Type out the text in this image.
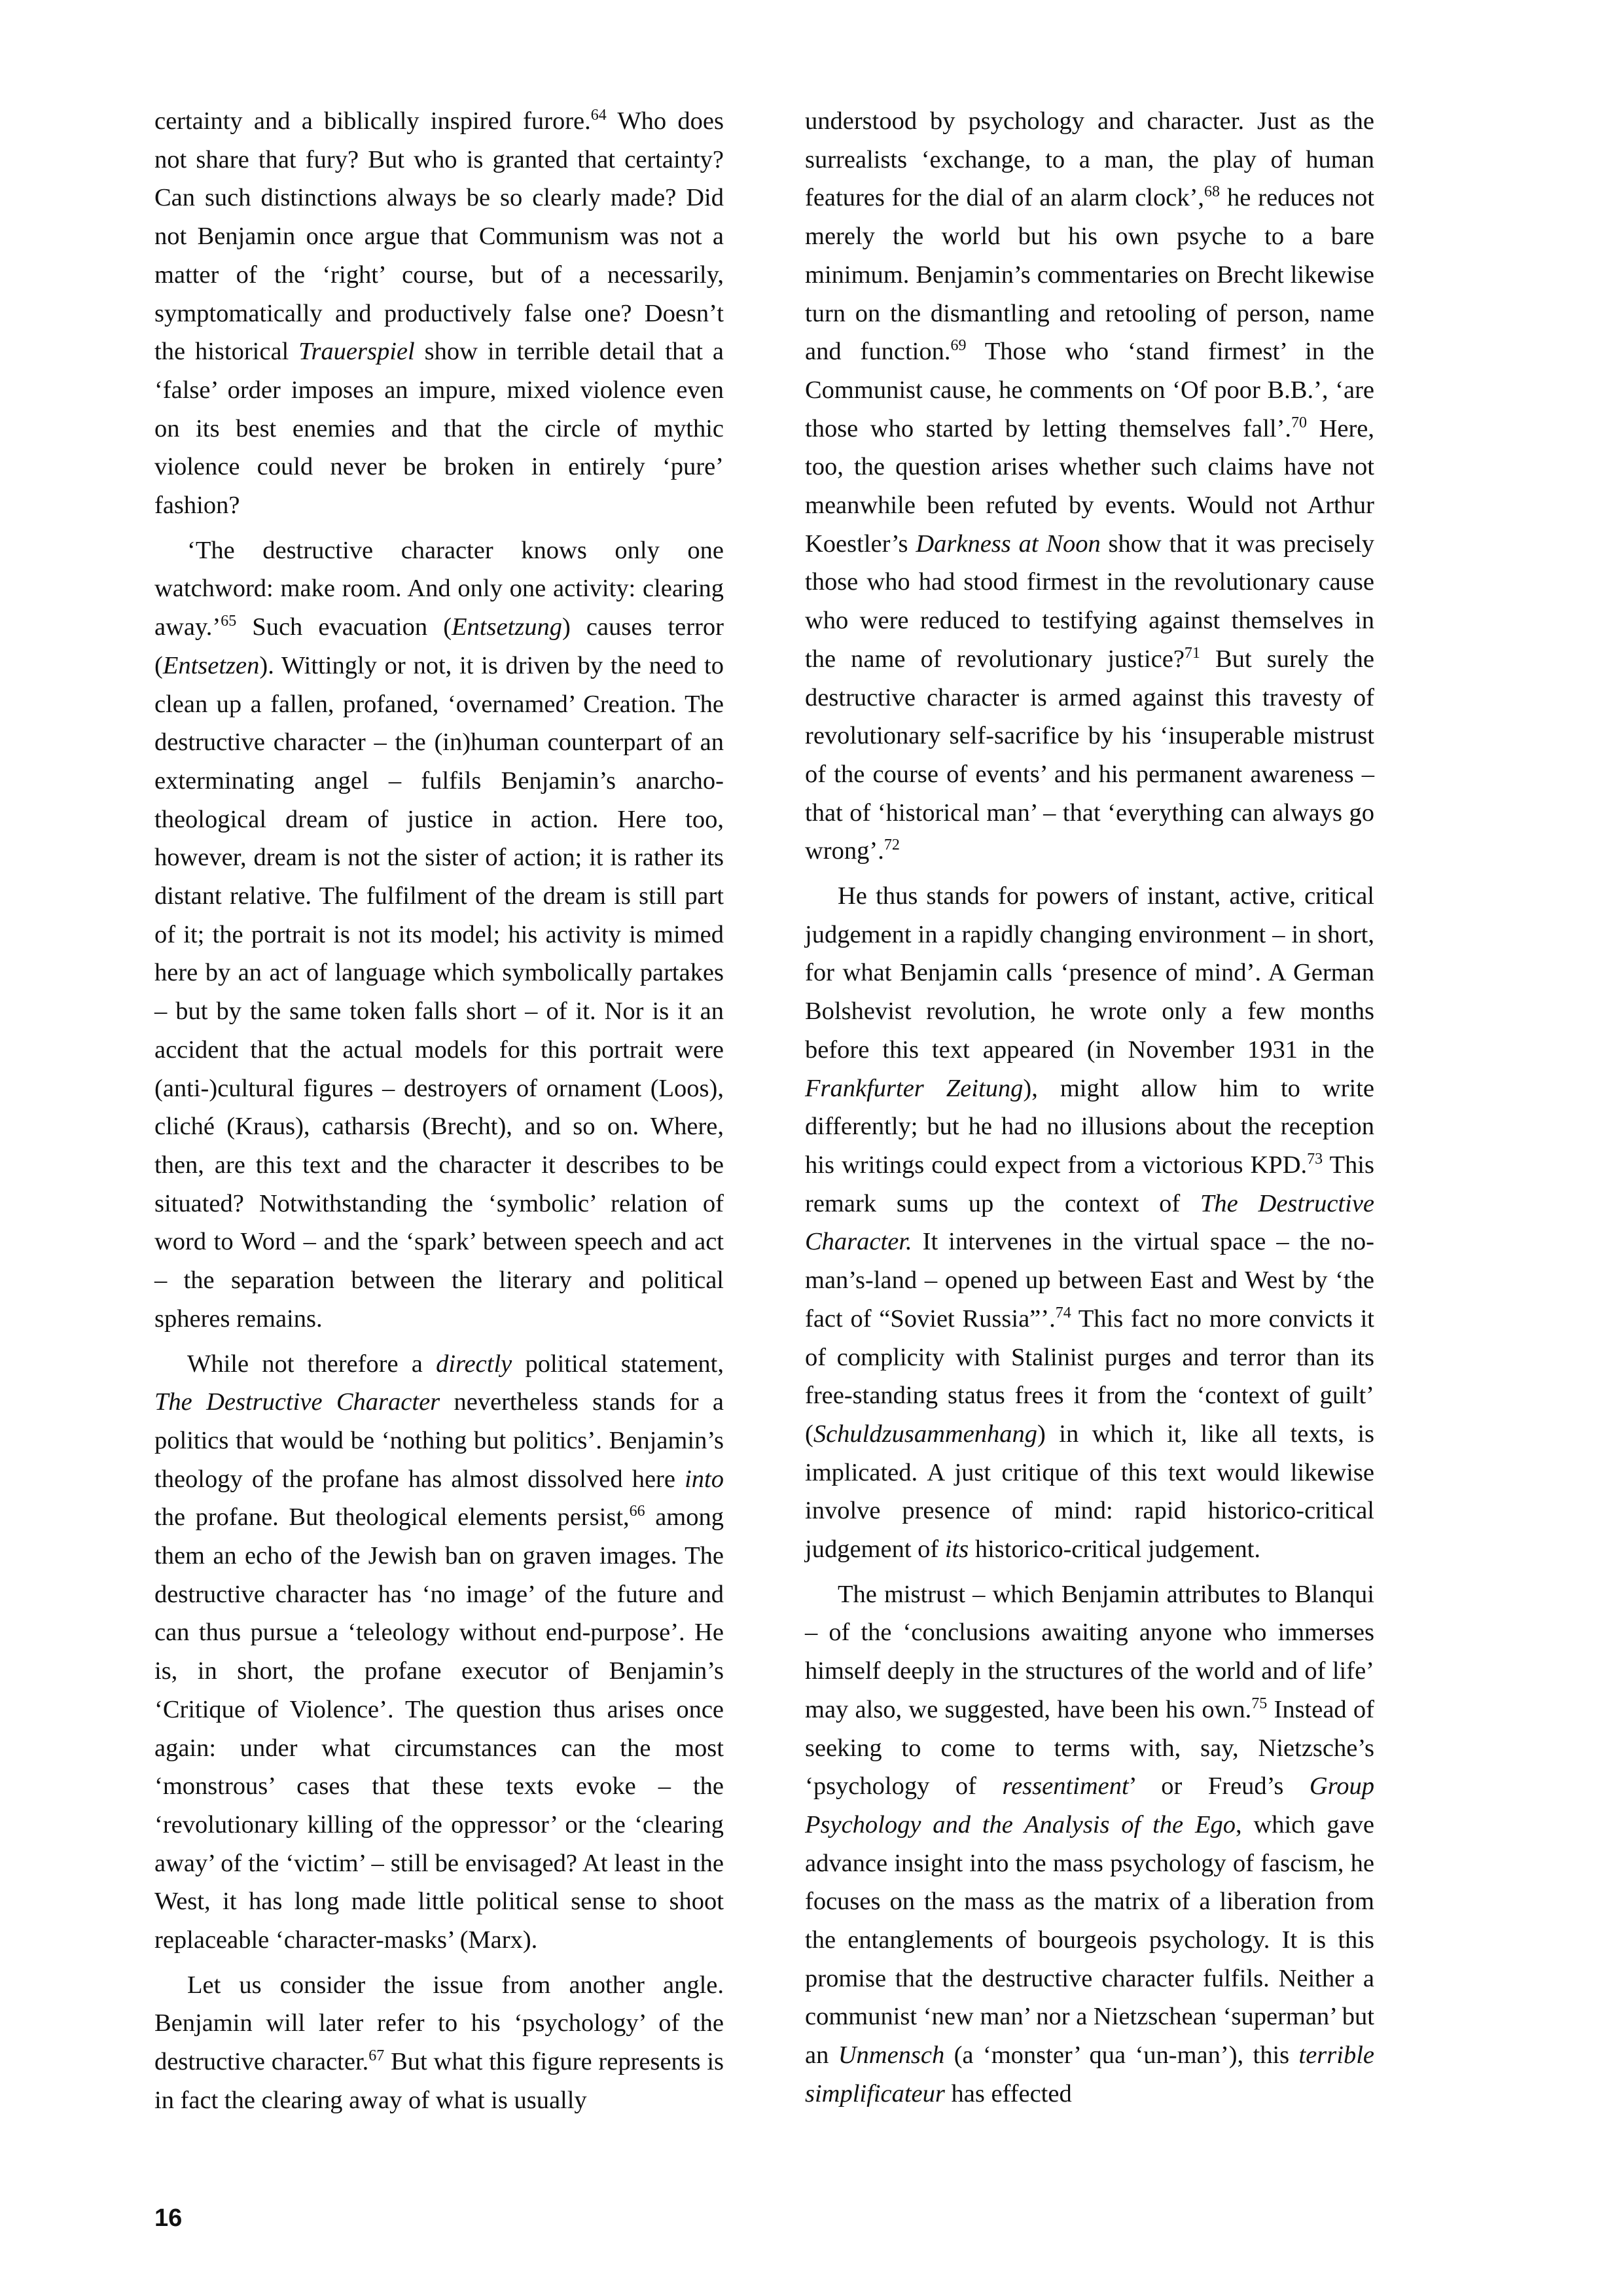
certainty and a biblically inspired furore.$^{64}$ Who does not share that fury? But who is granted that certainty? Can such distinctions always be so clearly made? Did not Benjamin once argue that Communism was not a matter of the ‘right’ course, but of a necessarily, symptomatically and productively false one? Doesn’t the historical Trauerspiel show in terrible detail that a ‘false’ order imposes an impure, mixed violence even on its best enemies and that the circle of mythic violence could never be broken in entirely ‘pure’ fashion?

‘The destructive character knows only one watchword: make room. And only one activity: clearing away.’$^{65}$ Such evacuation (Entsetzung) causes terror (Entsetzen). Wittingly or not, it is driven by the need to clean up a fallen, profaned, ‘overnamed’ Creation. The destructive character – the (in)human counterpart of an exterminating angel – fulfils Benjamin’s anarcho-theological dream of justice in action. Here too, however, dream is not the sister of action; it is rather its distant relative. The fulfilment of the dream is still part of it; the portrait is not its model; his activity is mimed here by an act of language which symbolically partakes – but by the same token falls short – of it. Nor is it an accident that the actual models for this portrait were (anti-)cultural figures – destroyers of ornament (Loos), cliché (Kraus), catharsis (Brecht), and so on. Where, then, are this text and the character it describes to be situated? Notwithstanding the ‘symbolic’ relation of word to Word – and the ‘spark’ between speech and act – the separation between the literary and political spheres remains.

While not therefore a directly political statement, The Destructive Character nevertheless stands for a politics that would be ‘nothing but politics’. Benjamin’s theology of the profane has almost dissolved here into the profane. But theological elements persist,$^{66}$ among them an echo of the Jewish ban on graven images. The destructive character has ‘no image’ of the future and can thus pursue a ‘teleology without end-purpose’. He is, in short, the profane executor of Benjamin’s ‘Critique of Violence’. The question thus arises once again: under what circumstances can the most ‘monstrous’ cases that these texts evoke – the ‘revolutionary killing of the oppressor’ or the ‘clearing away’ of the ‘victim’ – still be envisaged? At least in the West, it has long made little political sense to shoot replaceable ‘character-masks’ (Marx).

Let us consider the issue from another angle. Benjamin will later refer to his ‘psychology’ of the destructive character.$^{67}$ But what this figure represents is in fact the clearing away of what is usually

understood by psychology and character. Just as the surrealists ‘exchange, to a man, the play of human features for the dial of an alarm clock’,$^{68}$ he reduces not merely the world but his own psyche to a bare minimum. Benjamin’s commentaries on Brecht likewise turn on the dismantling and retooling of person, name and function.$^{69}$ Those who ‘stand firmest’ in the Communist cause, he comments on ‘Of poor B.B.’, ‘are those who started by letting themselves fall’.$^{70}$ Here, too, the question arises whether such claims have not meanwhile been refuted by events. Would not Arthur Koestler’s Darkness at Noon show that it was precisely those who had stood firmest in the revolutionary cause who were reduced to testifying against themselves in the name of revolutionary justice?$^{71}$ But surely the destructive character is armed against this travesty of revolutionary self-sacrifice by his ‘insuperable mistrust of the course of events’ and his permanent awareness – that of ‘historical man’ – that ‘everything can always go wrong’.$^{72}$

He thus stands for powers of instant, active, critical judgement in a rapidly changing environment – in short, for what Benjamin calls ‘presence of mind’. A German Bolshevist revolution, he wrote only a few months before this text appeared (in November 1931 in the Frankfurter Zeitung), might allow him to write differently; but he had no illusions about the reception his writings could expect from a victorious KPD.$^{73}$ This remark sums up the context of The Destructive Character. It intervenes in the virtual space – the no-man’s-land – opened up between East and West by ‘the fact of “Soviet Russia”’.$^{74}$ This fact no more convicts it of complicity with Stalinist purges and terror than its free-standing status frees it from the ‘context of guilt’ (Schuldzusammenhang) in which it, like all texts, is implicated. A just critique of this text would likewise involve presence of mind: rapid historico-critical judgement of its historico-critical judgement.

The mistrust – which Benjamin attributes to Blanqui – of the ‘conclusions awaiting anyone who immerses himself deeply in the structures of the world and of life’ may also, we suggested, have been his own.$^{75}$ Instead of seeking to come to terms with, say, Nietzsche’s ‘psychology of ressentiment’ or Freud’s Group Psychology and the Analysis of the Ego, which gave advance insight into the mass psychology of fascism, he focuses on the mass as the matrix of a liberation from the entanglements of bourgeois psychology. It is this promise that the destructive character fulfils. Neither a communist ‘new man’ nor a Nietzschean ‘superman’ but an Unmensch (a ‘monster’ qua ‘un-man’), this terrible simplificateur has effected

16
